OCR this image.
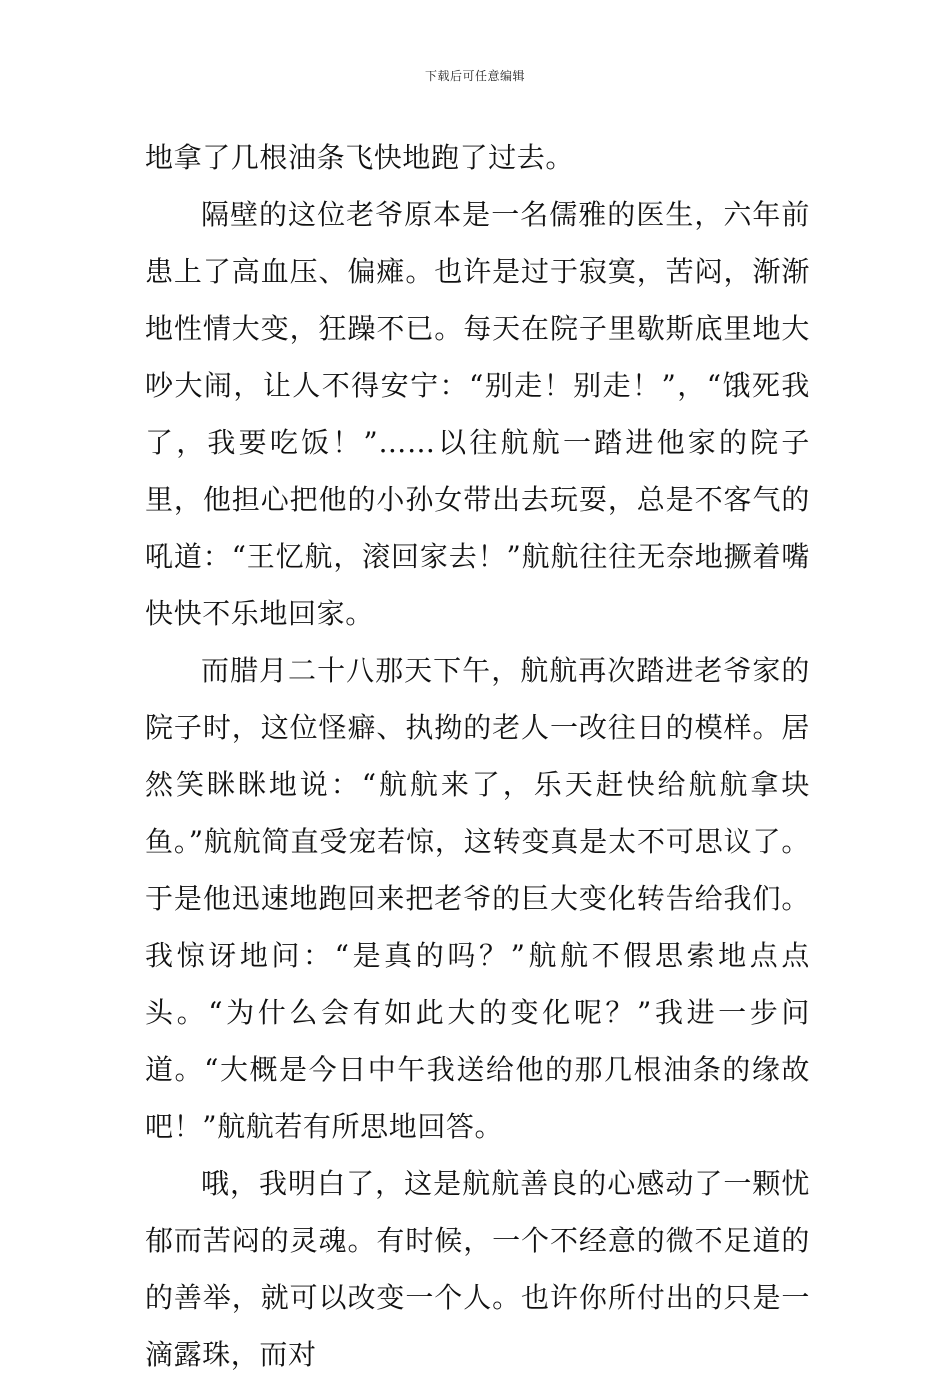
下载后可任意编辑

地拿了几根油条飞快地跑了过去。

隔壁的这位老爷原本是一名儒雅的医生，六年前患上了高血压、偏瘫。也许是过于寂寞，苦闷，渐渐地性情大变，狂躁不已。每天在院子里歇斯底里地大吵大闹，让人不得安宁：“别走！别走！”，“饿死我了，我要吃饭！”……以往航航一踏进他家的院子里，他担心把他的小孙女带出去玩耍，总是不客气的吼道：“王忆航，滚回家去！”航航往往无奈地撅着嘴快快不乐地回家。

而腊月二十八那天下午，航航再次踏进老爷家的院子时，这位怪癖、执拗的老人一改往日的模样。居然笑眯眯地说：“航航来了，乐天赶快给航航拿块鱼。”航航简直受宠若惊，这转变真是太不可思议了。于是他迅速地跑回来把老爷的巨大变化转告给我们。我惊讶地问：“是真的吗？”航航不假思索地点点头。“为什么会有如此大的变化呢？”我进一步问道。“大概是今日中午我送给他的那几根油条的缘故吧！”航航若有所思地回答。

哦，我明白了，这是航航善良的心感动了一颗忧郁而苦闷的灵魂。有时候，一个不经意的微不足道的的善举，就可以改变一个人。也许你所付出的只是一滴露珠，而对
